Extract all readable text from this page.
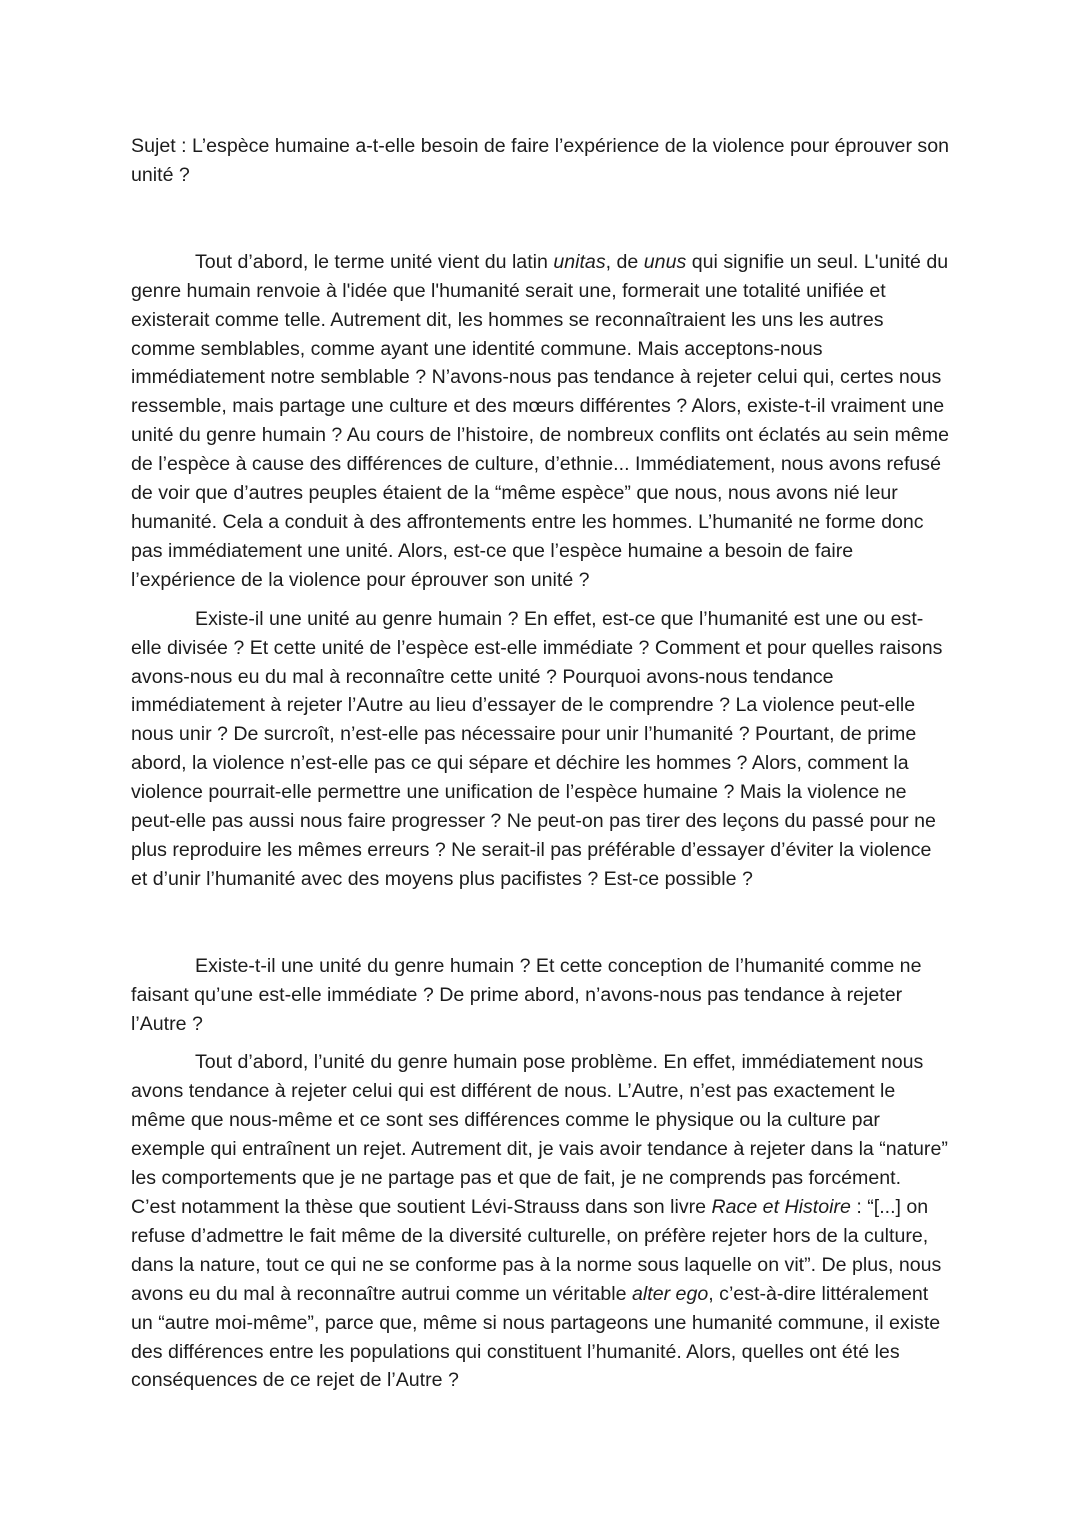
Sujet : L’espèce humaine a-t-elle besoin de faire l’expérience de la violence pour éprouver son unité ?

Tout d’abord, le terme unité vient du latin unitas, de unus qui signifie un seul. L'unité du genre humain renvoie à l'idée que l'humanité serait une, formerait une totalité unifiée et existerait comme telle. Autrement dit, les hommes se reconnaîtraient les uns les autres comme semblables, comme ayant une identité commune. Mais acceptons-nous immédiatement notre semblable ? N’avons-nous pas tendance à rejeter celui qui, certes nous ressemble, mais partage une culture et des mœurs différentes ? Alors, existe-t-il vraiment une unité du genre humain ? Au cours de l’histoire, de nombreux conflits ont éclatés au sein même de l’espèce à cause des différences de culture, d’ethnie... Immédiatement, nous avons refusé de voir que d’autres peuples étaient de la “même espèce” que nous, nous avons nié leur humanité. Cela a conduit à des affrontements entre les hommes. L’humanité ne forme donc pas immédiatement une unité. Alors, est-ce que l’espèce humaine a besoin de faire l’expérience de la violence pour éprouver son unité ?

Existe-il une unité au genre humain ? En effet, est-ce que l’humanité est une ou est-elle divisée ? Et cette unité de l’espèce est-elle immédiate ? Comment et pour quelles raisons avons-nous eu du mal à reconnaître cette unité ? Pourquoi avons-nous tendance immédiatement à rejeter l’Autre au lieu d’essayer de le comprendre ? La violence peut-elle nous unir ? De surcroît, n’est-elle pas nécessaire pour unir l’humanité ? Pourtant, de prime abord, la violence n’est-elle pas ce qui sépare et déchire les hommes ? Alors, comment la violence pourrait-elle permettre une unification de l’espèce humaine ? Mais la violence ne peut-elle pas aussi nous faire progresser ? Ne peut-on pas tirer des leçons du passé pour ne plus reproduire les mêmes erreurs ? Ne serait-il pas préférable d’essayer d’éviter la violence et d’unir l’humanité avec des moyens plus pacifistes ? Est-ce possible ?

Existe-t-il une unité du genre humain ? Et cette conception de l’humanité comme ne faisant qu’une est-elle immédiate ? De prime abord, n’avons-nous pas tendance à rejeter l’Autre ?

Tout d’abord, l’unité du genre humain pose problème. En effet, immédiatement nous avons tendance à rejeter celui qui est différent de nous. L’Autre, n’est pas exactement le même que nous-même et ce sont ses différences comme le physique ou la culture par exemple qui entraînent un rejet. Autrement dit, je vais avoir tendance à rejeter dans la “nature” les comportements que je ne partage pas et que de fait, je ne comprends pas forcément. C’est notamment la thèse que soutient Lévi-Strauss dans son livre Race et Histoire : “[...] on refuse d’admettre le fait même de la diversité culturelle, on préfère rejeter hors de la culture, dans la nature, tout ce qui ne se conforme pas à la norme sous laquelle on vit”. De plus, nous avons eu du mal à reconnaître autrui comme un véritable alter ego, c’est-à-dire littéralement un “autre moi-même”, parce que, même si nous partageons une humanité commune, il existe des différences entre les populations qui constituent l’humanité. Alors, quelles ont été les conséquences de ce rejet de l’Autre ?
